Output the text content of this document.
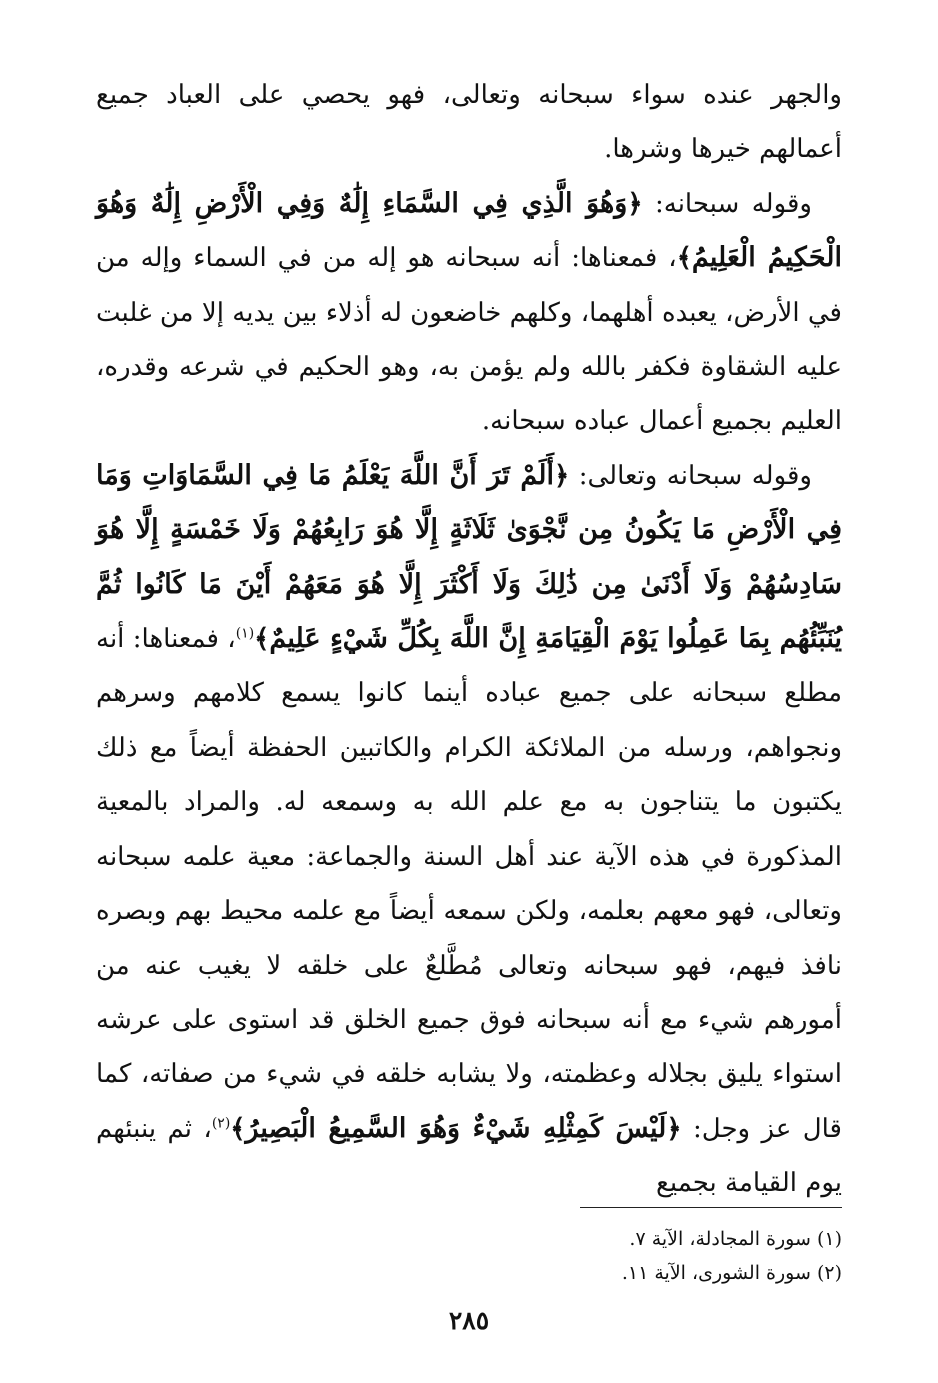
والجهر عنده سواء سبحانه وتعالى، فهو يحصي على العباد جميع أعمالهم خيرها وشرها.

وقوله سبحانه: ﴿وَهُوَ الَّذِي فِي السَّمَاءِ إِلَٰهٌ وَفِي الْأَرْضِ إِلَٰهٌ وَهُوَ الْحَكِيمُ الْعَلِيمُ﴾، فمعناها: أنه سبحانه هو إله من في السماء وإله من في الأرض، يعبده أهلهما، وكلهم خاضعون له أذلاء بين يديه إلا من غلبت عليه الشقاوة فكفر بالله ولم يؤمن به، وهو الحكيم في شرعه وقدره، العليم بجميع أعمال عباده سبحانه.

وقوله سبحانه وتعالى: ﴿أَلَمْ تَرَ أَنَّ اللَّهَ يَعْلَمُ مَا فِي السَّمَاوَاتِ وَمَا فِي الْأَرْضِ مَا يَكُونُ مِن نَّجْوَىٰ ثَلَاثَةٍ إِلَّا هُوَ رَابِعُهُمْ وَلَا خَمْسَةٍ إِلَّا هُوَ سَادِسُهُمْ وَلَا أَدْنَىٰ مِن ذَٰلِكَ وَلَا أَكْثَرَ إِلَّا هُوَ مَعَهُمْ أَيْنَ مَا كَانُوا ثُمَّ يُنَبِّئُهُم بِمَا عَمِلُوا يَوْمَ الْقِيَامَةِ إِنَّ اللَّهَ بِكُلِّ شَيْءٍ عَلِيمٌ﴾$^{(١)}$، فمعناها: أنه مطلع سبحانه على جميع عباده أينما كانوا يسمع كلامهم وسرهم ونجواهم، ورسله من الملائكة الكرام والكاتبين الحفظة أيضاً مع ذلك يكتبون ما يتناجون به مع علم الله به وسمعه له. والمراد بالمعية المذكورة في هذه الآية عند أهل السنة والجماعة: معية علمه سبحانه وتعالى، فهو معهم بعلمه، ولكن سمعه أيضاً مع علمه محيط بهم وبصره نافذ فيهم، فهو سبحانه وتعالى مُطَّلعٌ على خلقه لا يغيب عنه من أمورهم شيء مع أنه سبحانه فوق جميع الخلق قد استوى على عرشه استواء يليق بجلاله وعظمته، ولا يشابه خلقه في شيء من صفاته، كما قال عز وجل: ﴿لَيْسَ كَمِثْلِهِ شَيْءٌ وَهُوَ السَّمِيعُ الْبَصِيرُ﴾$^{(٢)}$، ثم ينبئهم يوم القيامة بجميع

(١) سورة المجادلة، الآية ٧.
(٢) سورة الشورى، الآية ١١.
٢٨٥
